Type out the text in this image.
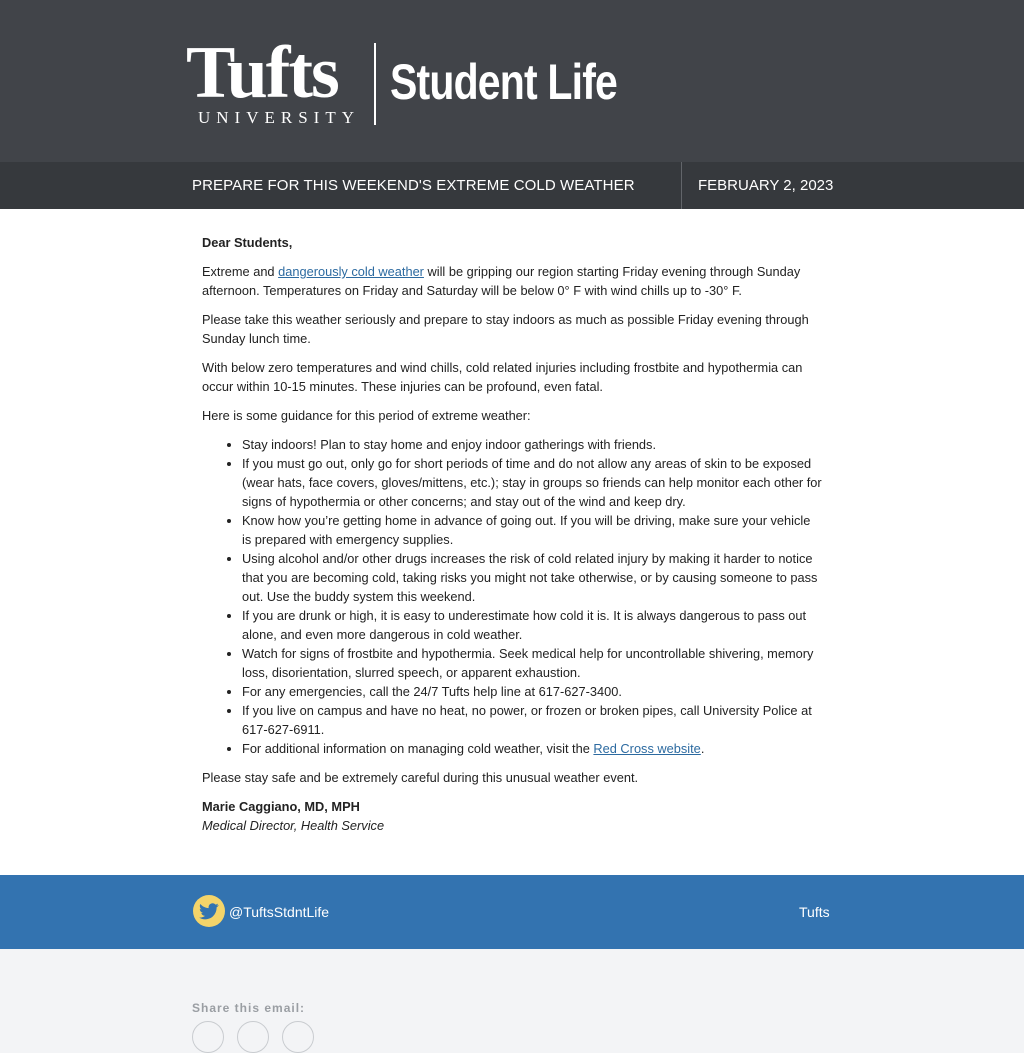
Tufts
UNIVERSITY
Student Life
PREPARE FOR THIS WEEKEND'S EXTREME COLD WEATHER	FEBRUARY 2, 2023

Dear Students,

Extreme and dangerously cold weather will be gripping our region starting Friday evening through Sunday afternoon. Temperatures on Friday and Saturday will be below 0° F with wind chills up to -30° F.

Please take this weather seriously and prepare to stay indoors as much as possible Friday evening through Sunday lunch time.

With below zero temperatures and wind chills, cold related injuries including frostbite and hypothermia can occur within 10-15 minutes. These injuries can be profound, even fatal.

Here is some guidance for this period of extreme weather:

• Stay indoors! Plan to stay home and enjoy indoor gatherings with friends.
• If you must go out, only go for short periods of time and do not allow any areas of skin to be exposed (wear hats, face covers, gloves/mittens, etc.); stay in groups so friends can help monitor each other for signs of hypothermia or other concerns; and stay out of the wind and keep dry.
• Know how you’re getting home in advance of going out. If you will be driving, make sure your vehicle is prepared with emergency supplies.
• Using alcohol and/or other drugs increases the risk of cold related injury by making it harder to notice that you are becoming cold, taking risks you might not take otherwise, or by causing someone to pass out. Use the buddy system this weekend.
• If you are drunk or high, it is easy to underestimate how cold it is. It is always dangerous to pass out alone, and even more dangerous in cold weather.
• Watch for signs of frostbite and hypothermia. Seek medical help for uncontrollable shivering, memory loss, disorientation, slurred speech, or apparent exhaustion.
• For any emergencies, call the 24/7 Tufts help line at 617-627-3400.
• If you live on campus and have no heat, no power, or frozen or broken pipes, call University Police at 617-627-6911.
• For additional information on managing cold weather, visit the Red Cross website.

Please stay safe and be extremely careful during this unusual weather event.

Marie Caggiano, MD, MPH

Medical Director, Health Service

@TuftsStdntLife	Tufts
Share this email:
